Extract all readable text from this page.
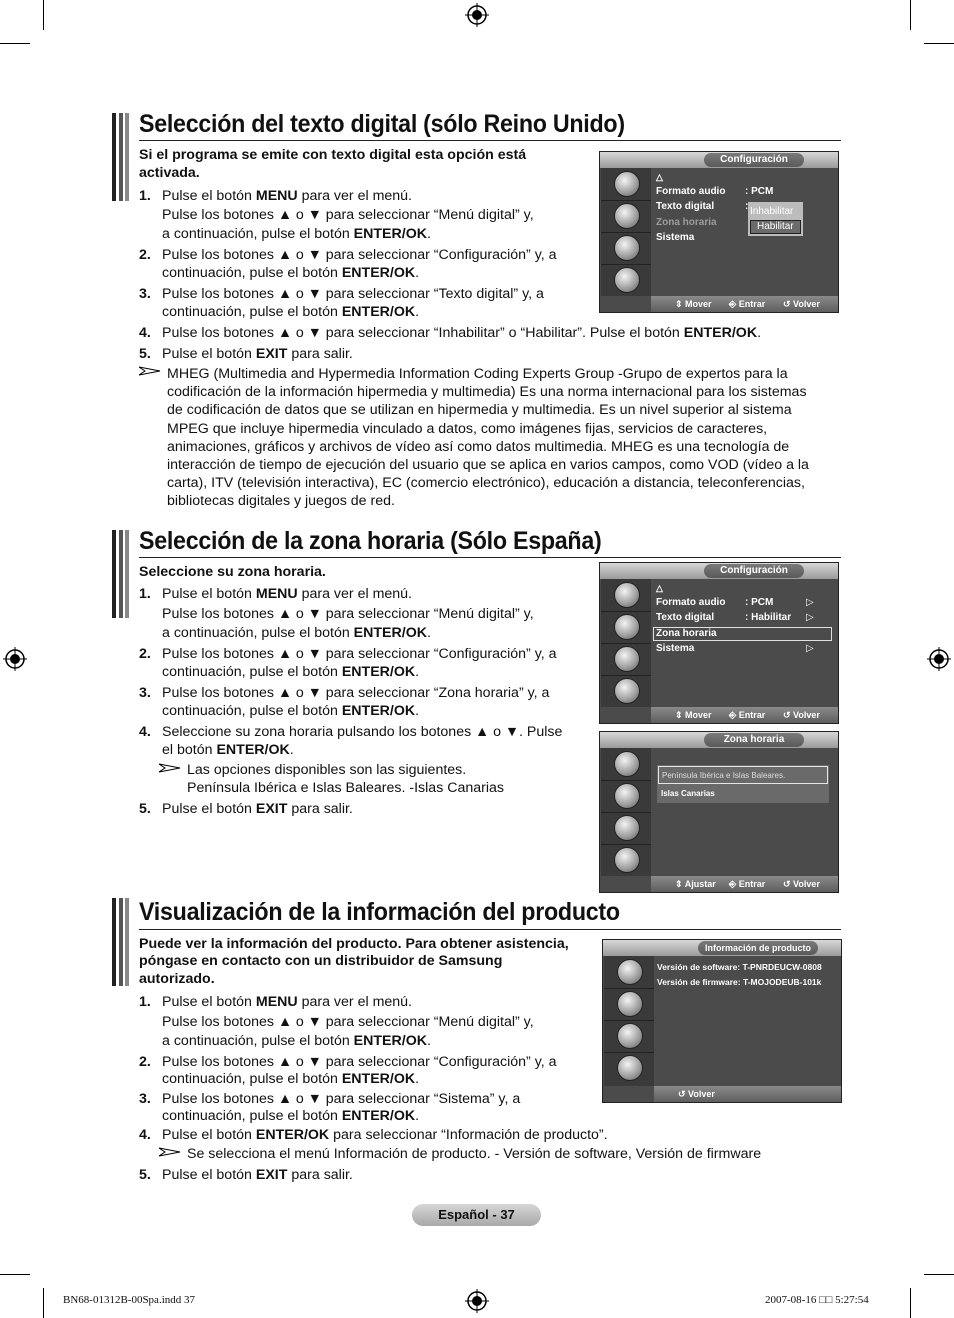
Selección del texto digital (sólo Reino Unido)
Si el programa se emite con texto digital esta opción está activada.
1. Pulse el botón MENU para ver el menú.
Pulse los botones ▲ o ▼ para seleccionar “Menú digital” y,
a continuación, pulse el botón ENTER/OK.
2. Pulse los botones ▲ o ▼ para seleccionar “Configuración” y, a
continuación, pulse el botón ENTER/OK.
3. Pulse los botones ▲ o ▼ para seleccionar “Texto digital” y, a
continuación, pulse el botón ENTER/OK.
4. Pulse los botones ▲ o ▼ para seleccionar “Inhabilitar” o “Habilitar”. Pulse el botón ENTER/OK.
5. Pulse el botón EXIT para salir.
MHEG (Multimedia and Hypermedia Information Coding Experts Group -Grupo de expertos para la
codificación de la información hipermedia y multimedia) Es una norma internacional para los sistemas
de codificación de datos que se utilizan en hipermedia y multimedia. Es un nivel superior al sistema
MPEG que incluye hipermedia vinculado a datos, como imágenes fijas, servicios de caracteres,
animaciones, gráficos y archivos de vídeo así como datos multimedia. MHEG es una tecnología de
interacción de tiempo de ejecución del usuario que se aplica en varios campos, como VOD (vídeo a la
carta), ITV (televisión interactiva), EC (comercio electrónico), educación a distancia, teleconferencias,
bibliotecas digitales y juegos de red.
Configuración
△
Formato audio : PCM
Texto digital	:
Zona horaria
Sistema
Inhabilitar
Habilitar
⇕ Mover ⎆ Entrar ↺ Volver
Selección de la zona horaria (Sólo España)
Seleccione su zona horaria.
1. Pulse el botón MENU para ver el menú.
Pulse los botones ▲ o ▼ para seleccionar “Menú digital” y,
a continuación, pulse el botón ENTER/OK.
2. Pulse los botones ▲ o ▼ para seleccionar “Configuración” y, a
continuación, pulse el botón ENTER/OK.
3. Pulse los botones ▲ o ▼ para seleccionar “Zona horaria” y, a
continuación, pulse el botón ENTER/OK.
4. Seleccione su zona horaria pulsando los botones ▲ o ▼. Pulse
el botón ENTER/OK.
Las opciones disponibles son las siguientes.
Península Ibérica e Islas Baleares. -Islas Canarias
5. Pulse el botón EXIT para salir.
Configuración
△
Formato audio : PCM	▷
Texto digital	: Habilitar ▷
Zona horaria
Sistema	▷
⇕ Mover ⎆ Entrar ↺ Volver
Zona horaria
Península Ibérica e Islas Baleares.
Islas Canarias
⇕ Ajustar ⎆ Entrar ↺ Volver
Visualización de la información del producto
Puede ver la información del producto. Para obtener asistencia,
póngase en contacto con un distribuidor de Samsung
autorizado.
1. Pulse el botón MENU para ver el menú.
Pulse los botones ▲ o ▼ para seleccionar “Menú digital” y,
a continuación, pulse el botón ENTER/OK.
2. Pulse los botones ▲ o ▼ para seleccionar “Configuración” y, a
continuación, pulse el botón ENTER/OK.
3. Pulse los botones ▲ o ▼ para seleccionar “Sistema” y, a
continuación, pulse el botón ENTER/OK.
4. Pulse el botón ENTER/OK para seleccionar “Información de producto”.
Se selecciona el menú Información de producto. - Versión de software, Versión de firmware
5. Pulse el botón EXIT para salir.
Información de producto
Versión de software: T-PNRDEUCW-0808
Versión de firmware: T-MOJODEUB-101k
↺ Volver
Español - 37
BN68-01312B-00Spa.indd 37	2007-08-16 □□ 5:27:54
